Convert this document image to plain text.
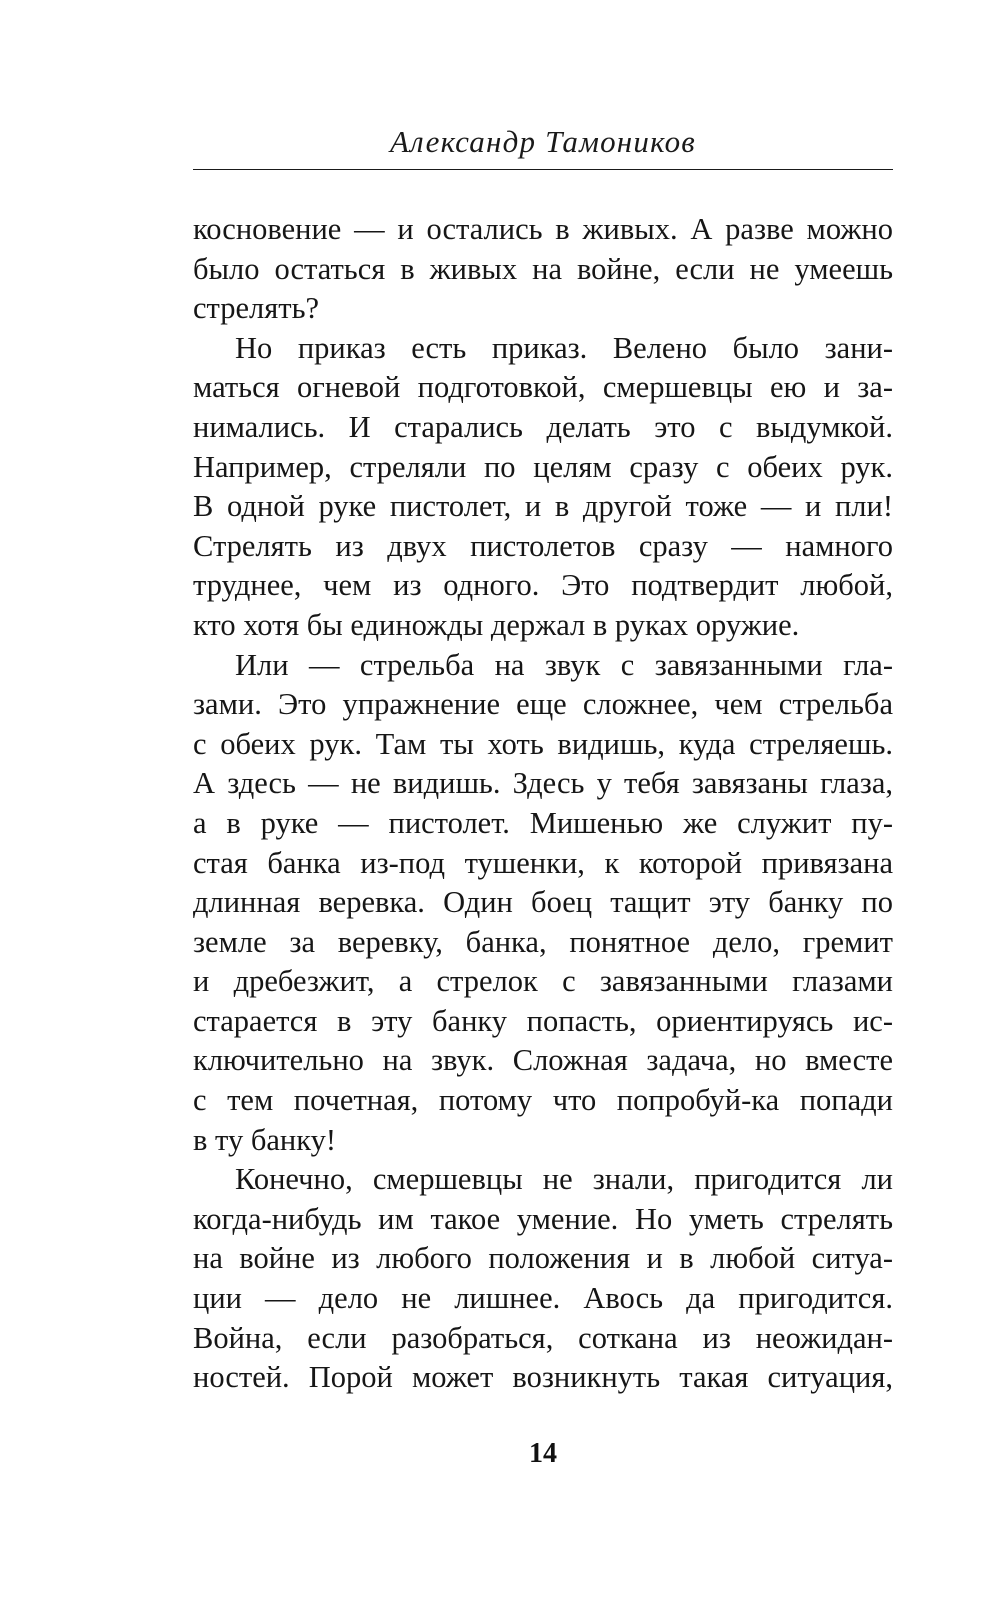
Александр Тамоников
косновение — и остались в живых. А разве можно
было остаться в живых на войне, если не умеешь
стрелять?
Но приказ есть приказ. Велено было зани-
маться огневой подготовкой, смершевцы ею и за-
нимались. И старались делать это с выдумкой.
Например, стреляли по целям сразу с обеих рук.
В одной руке пистолет, и в другой тоже — и пли!
Стрелять из двух пистолетов сразу — намного
труднее, чем из одного. Это подтвердит любой,
кто хотя бы единожды держал в руках оружие.
Или — стрельба на звук с завязанными гла-
зами. Это упражнение еще сложнее, чем стрельба
с обеих рук. Там ты хоть видишь, куда стреляешь.
А здесь — не видишь. Здесь у тебя завязаны глаза,
а в руке — пистолет. Мишенью же служит пу-
стая банка из-под тушенки, к которой привязана
длинная веревка. Один боец тащит эту банку по
земле за веревку, банка, понятное дело, гремит
и дребезжит, а стрелок с завязанными глазами
старается в эту банку попасть, ориентируясь ис-
ключительно на звук. Сложная задача, но вместе
с тем почетная, потому что попробуй-ка попади
в ту банку!
Конечно, смершевцы не знали, пригодится ли
когда-нибудь им такое умение. Но уметь стрелять
на войне из любого положения и в любой ситуа-
ции — дело не лишнее. Авось да пригодится.
Война, если разобраться, соткана из неожидан-
ностей. Порой может возникнуть такая ситуация,
14
